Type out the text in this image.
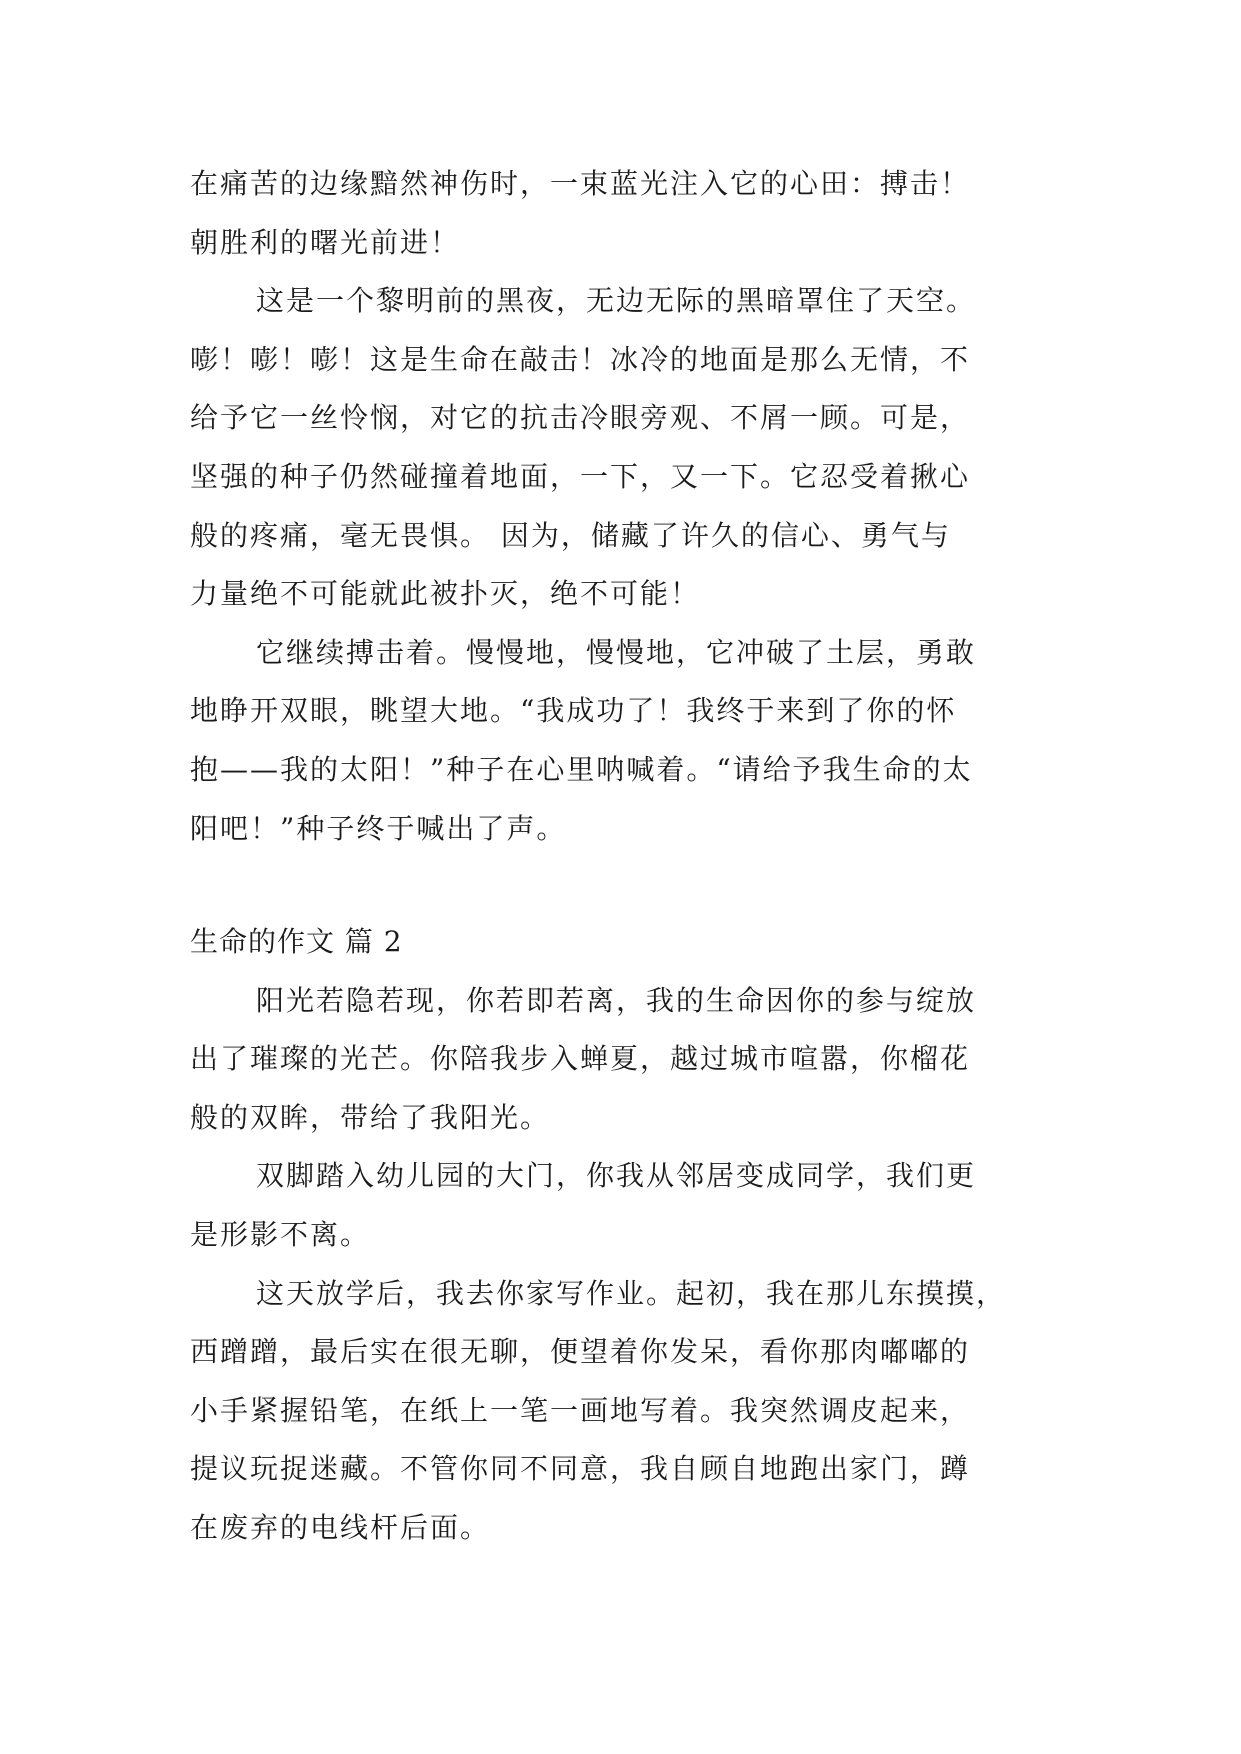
在痛苦的边缘黯然神伤时，一束蓝光注入它的心田：搏击！
朝胜利的曙光前进！
这是一个黎明前的黑夜，无边无际的黑暗罩住了天空。
嘭！嘭！嘭！这是生命在敲击！冰冷的地面是那么无情，不
给予它一丝怜悯，对它的抗击冷眼旁观、不屑一顾。可是，
坚强的种子仍然碰撞着地面，一下，又一下。它忍受着揪心
般的疼痛，毫无畏惧。 因为，储藏了许久的信心、勇气与
力量绝不可能就此被扑灭，绝不可能！
它继续搏击着。慢慢地，慢慢地，它冲破了土层，勇敢
地睁开双眼，眺望大地。“我成功了！我终于来到了你的怀
抱——我的太阳！”种子在心里呐喊着。“请给予我生命的太
阳吧！”种子终于喊出了声。
生命的作文 篇 2
阳光若隐若现，你若即若离，我的生命因你的参与绽放
出了璀璨的光芒。你陪我步入蝉夏，越过城市喧嚣，你榴花
般的双眸，带给了我阳光。
双脚踏入幼儿园的大门，你我从邻居变成同学，我们更
是形影不离。
这天放学后，我去你家写作业。起初，我在那儿东摸摸，
西蹭蹭，最后实在很无聊，便望着你发呆，看你那肉嘟嘟的
小手紧握铅笔，在纸上一笔一画地写着。我突然调皮起来，
提议玩捉迷藏。不管你同不同意，我自顾自地跑出家门，蹲
在废弃的电线杆后面。
